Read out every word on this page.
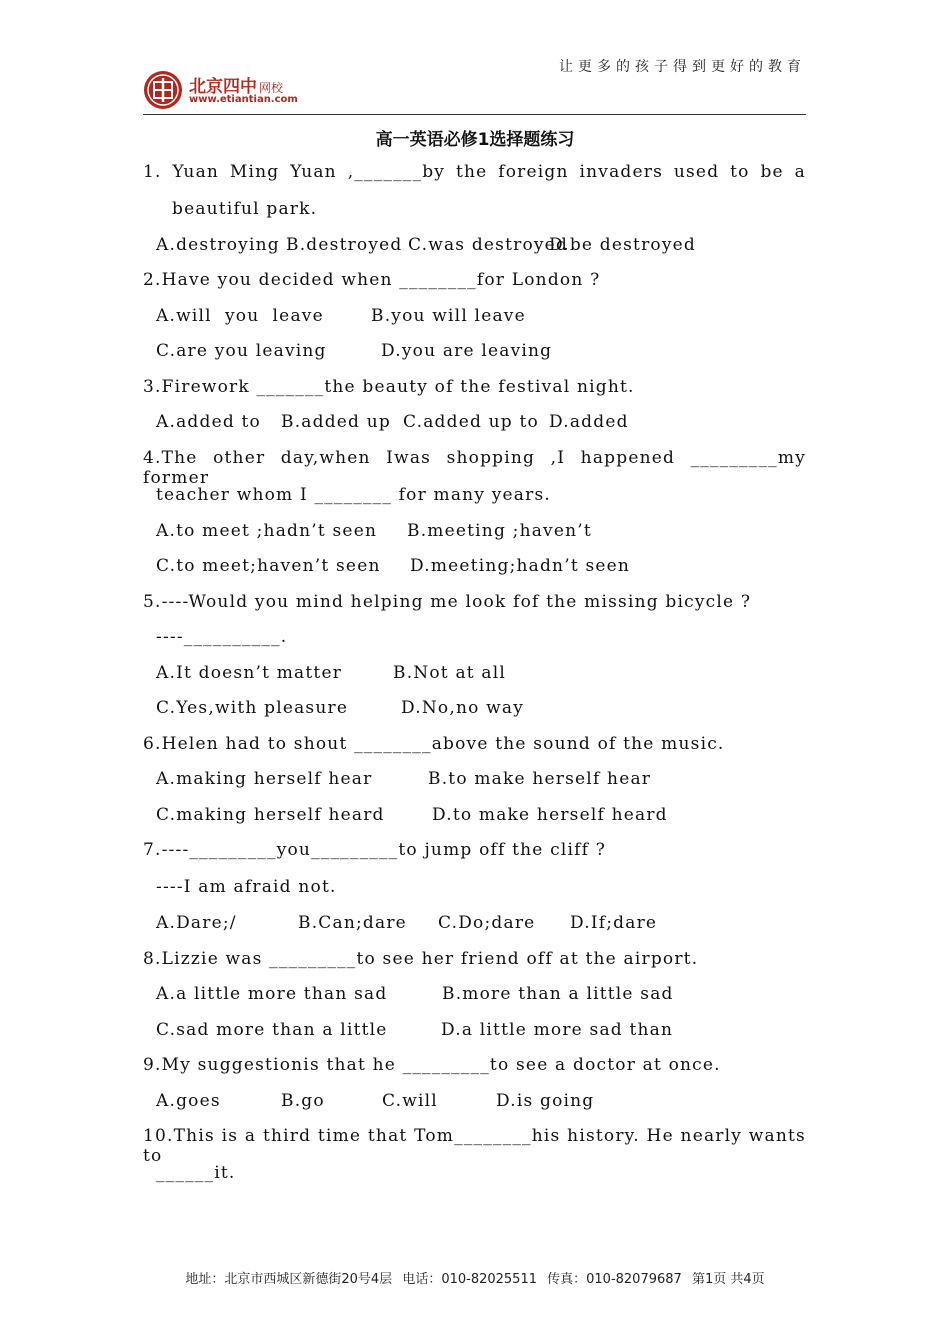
北京四中 网校
www.etiantian.com
让更多的孩子得到更好的教育
高一英语必修1选择题练习
1. Yuan Ming Yuan ,_______by the foreign invaders used to be a
beautiful park.
A.destroying B.destroyed C.was destroyed
D.be destroyed
2.Have you decided when ________for London ?
A.will  you  leave	B.you will leave
C.are you leaving	D.you are leaving
3.Firework _______the beauty of the festival night.
A.added to B.added up C.added up to D.added
4.The other day,when Iwas shopping ,I happened _________my former
teacher whom I ________ for many years.
A.to meet ;hadn’t seen B.meeting ;haven’t
C.to meet;haven’t seen D.meeting;hadn’t seen
5.----Would you mind helping me look fof the missing bicycle ?
----__________.
A.It doesn’t matter	B.Not at all
C.Yes,with pleasure	D.No,no way
6.Helen had to shout ________above the sound of the music.
A.making herself hear	B.to make herself hear
C.making herself heard	D.to make herself heard
7.----_________you_________to jump off the cliff ?
----I am afraid not.
A.Dare;/	B.Can;dare C.Do;dare D.If;dare
8.Lizzie was _________to see her friend off at the airport.
A.a little more than sad	B.more than a little sad
C.sad more than a little	D.a little more sad than
9.My suggestionis that he _________to see a doctor at once.
A.goes	B.go	C.will	D.is going
10.This is a third time that Tom________his history. He nearly wants to
______it.
地址：北京市西城区新德街20号4层 电话：010-82025511 传真：010-82079687 第1页 共4页
